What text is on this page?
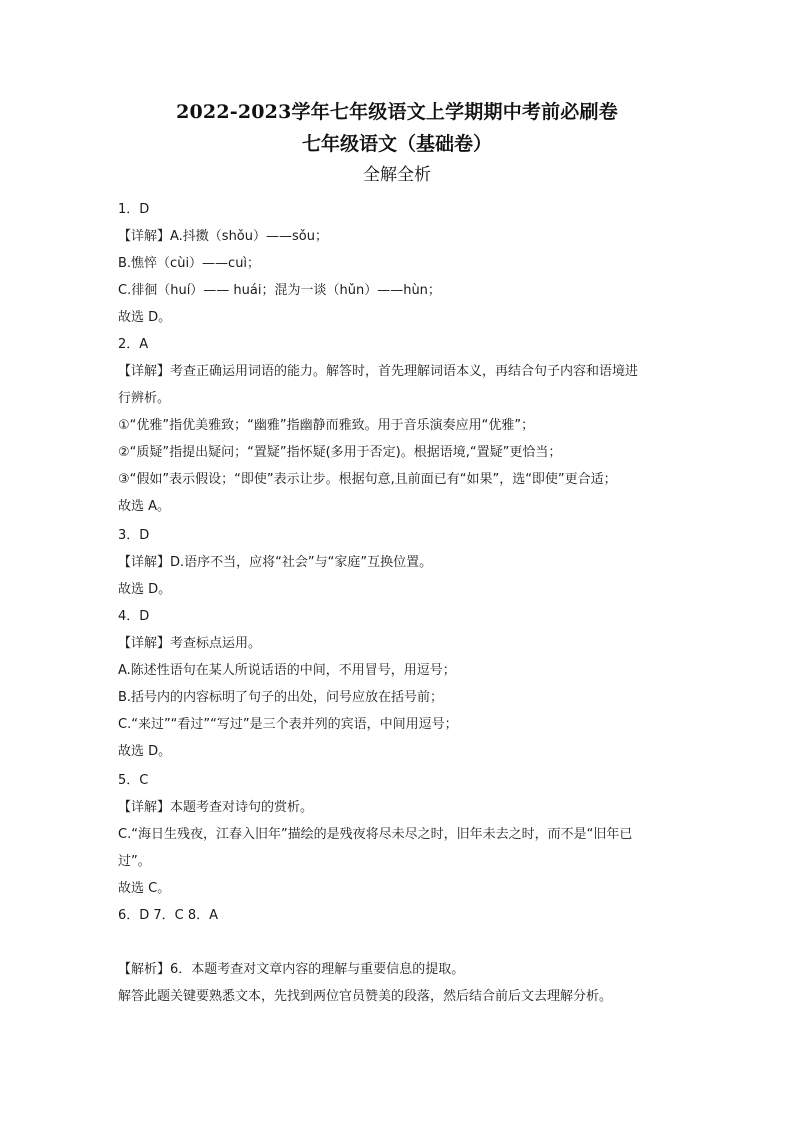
2022-2023学年七年级语文上学期期中考前必刷卷
七年级语文（基础卷）
全解全析
1．D
【详解】A.抖擞（shǒu）——sǒu；
B.憔悴（cùi）——cuì；
C.徘徊（huí）—— huái；混为一谈（hǔn）——hùn；
故选 D。
2．A
【详解】考查正确运用词语的能力。解答时，首先理解词语本义，再结合句子内容和语境进
行辨析。
①“优雅”指优美雅致；“幽雅”指幽静而雅致。用于音乐演奏应用“优雅”；
②“质疑”指提出疑问；“置疑”指怀疑(多用于否定)。根据语境,“置疑”更恰当；
③“假如”表示假设；“即使”表示让步。根据句意,且前面已有“如果”，选“即使”更合适；
故选 A。
3．D
【详解】D.语序不当，应将“社会”与“家庭”互换位置。
故选 D。
4．D
【详解】考查标点运用。
A.陈述性语句在某人所说话语的中间，不用冒号，用逗号；
B.括号内的内容标明了句子的出处，问号应放在括号前；
C.“来过”“看过”“写过”是三个表并列的宾语，中间用逗号；
故选 D。
5．C
【详解】本题考查对诗句的赏析。
C.“海日生残夜，江春入旧年”描绘的是残夜将尽未尽之时，旧年未去之时，而不是“旧年已
过”。
故选 C。
6．D 7．C 8．A
【解析】6．本题考查对文章内容的理解与重要信息的提取。
解答此题关键要熟悉文本，先找到两位官员赞美的段落，然后结合前后文去理解分析。
